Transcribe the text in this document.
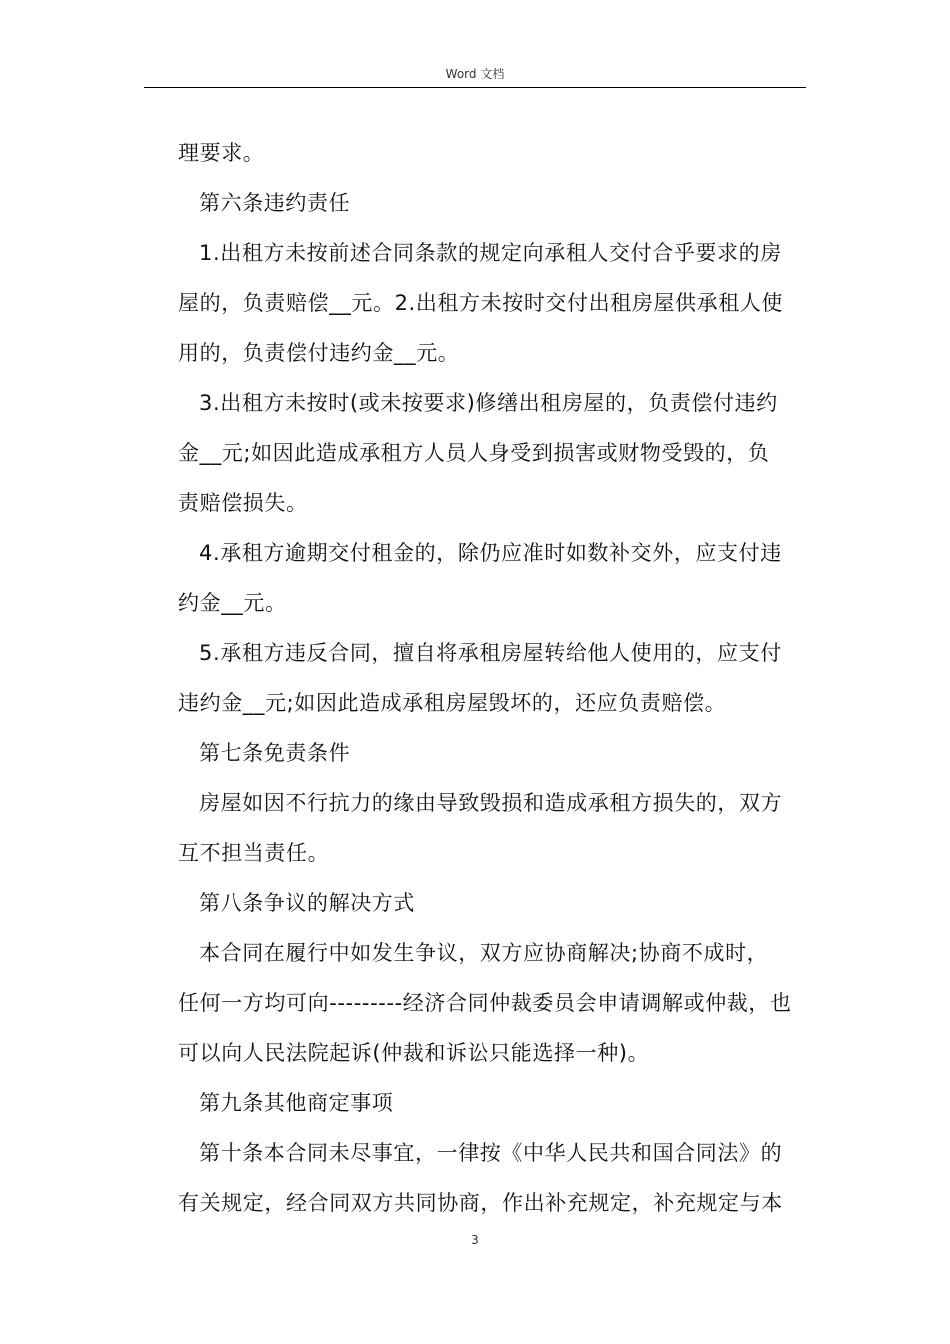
Word 文档

理要求。

第六条违约责任

1.出租方未按前述合同条款的规定向承租人交付合乎要求的房

屋的，负责赔偿__元。2.出租方未按时交付出租房屋供承租人使

用的，负责偿付违约金__元。

3.出租方未按时(或未按要求)修缮出租房屋的，负责偿付违约

金__元;如因此造成承租方人员人身受到损害或财物受毁的，负

责赔偿损失。

4.承租方逾期交付租金的，除仍应准时如数补交外，应支付违

约金__元。

5.承租方违反合同，擅自将承租房屋转给他人使用的，应支付

违约金__元;如因此造成承租房屋毁坏的，还应负责赔偿。

第七条免责条件

房屋如因不行抗力的缘由导致毁损和造成承租方损失的，双方

互不担当责任。

第八条争议的解决方式

本合同在履行中如发生争议，双方应协商解决;协商不成时，

任何一方均可向---------经济合同仲裁委员会申请调解或仲裁，也

可以向人民法院起诉(仲裁和诉讼只能选择一种)。

第九条其他商定事项

第十条本合同未尽事宜，一律按《中华人民共和国合同法》的

有关规定，经合同双方共同协商，作出补充规定，补充规定与本

3
